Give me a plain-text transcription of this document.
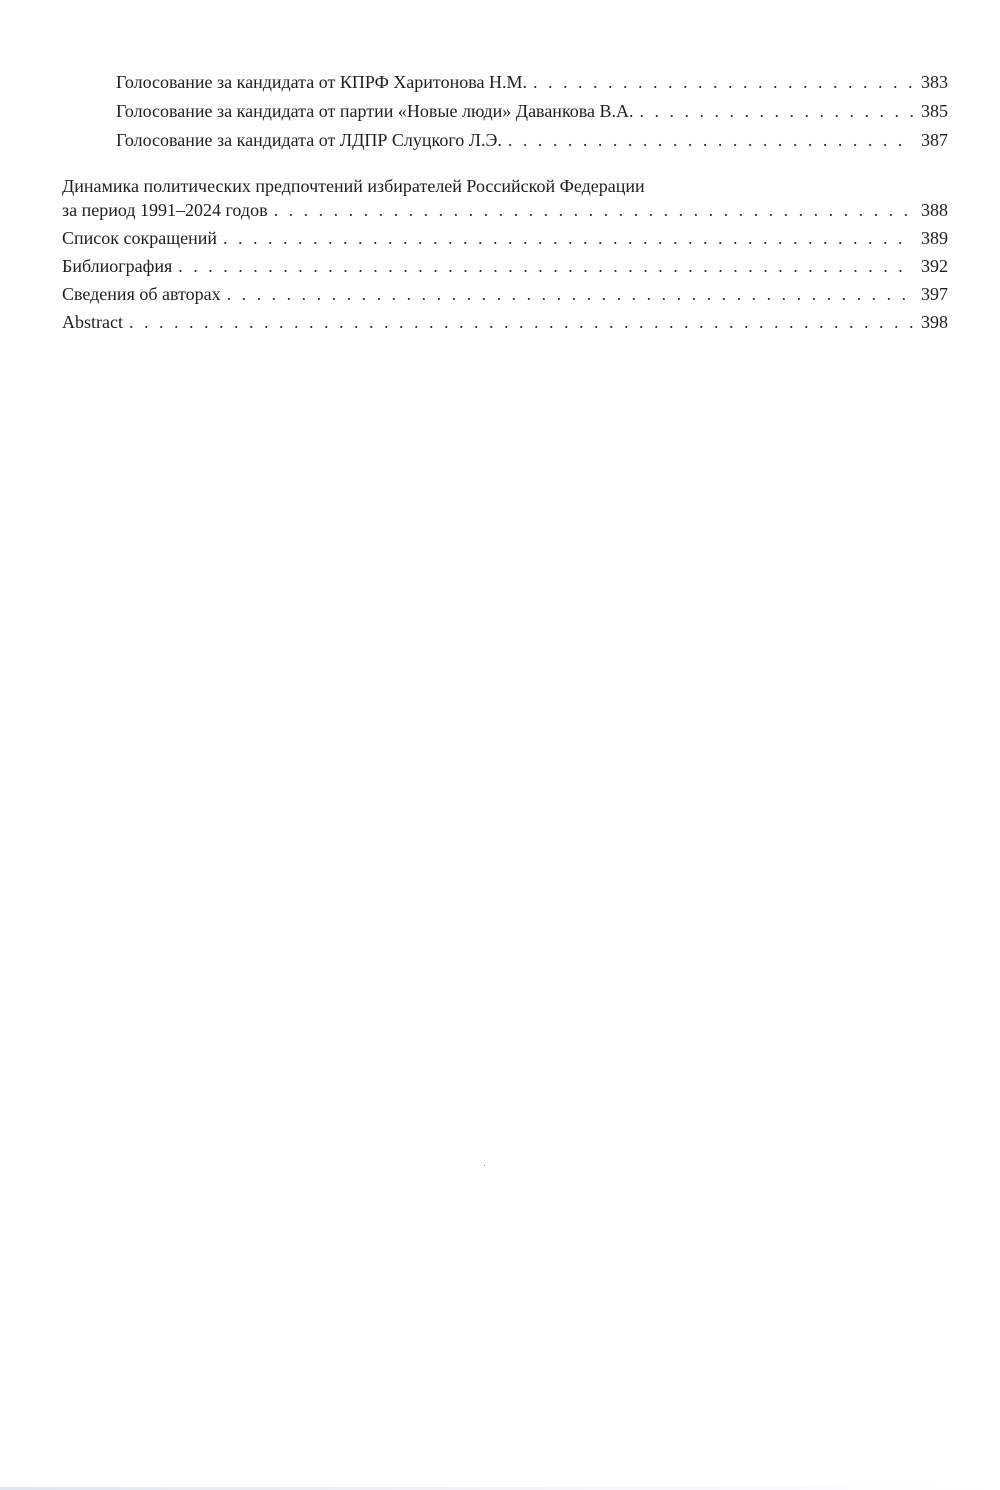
Голосование за кандидата от КПРФ Харитонова Н.М. . . .	383
Голосование за кандидата от партии «Новые люди» Даванкова В.А. . . .	385
Голосование за кандидата от ЛДПР Слуцкого Л.Э. . . .	387
Динамика политических предпочтений избирателей Российской Федерации
за период 1991–2024 годов . . .	388
Список сокращений . . .	389
Библиография . . .	392
Сведения об авторах . . .	397
Abstract . . .	398
